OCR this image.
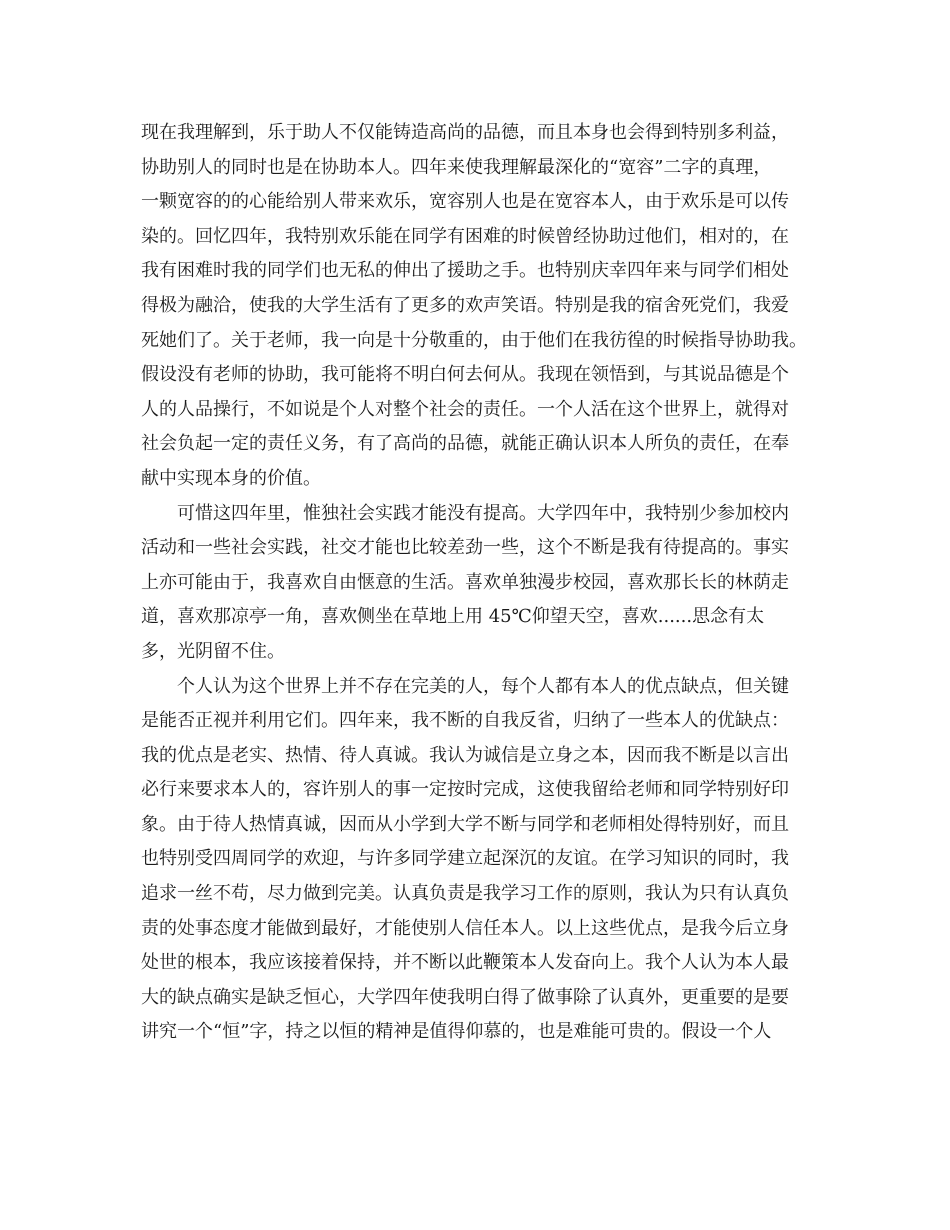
现在我理解到，乐于助人不仅能铸造高尚的品德，而且本身也会得到特别多利益，
协助别人的同时也是在协助本人。四年来使我理解最深化的“宽容”二字的真理，
一颗宽容的的心能给别人带来欢乐，宽容别人也是在宽容本人，由于欢乐是可以传
染的。回忆四年，我特别欢乐能在同学有困难的时候曾经协助过他们，相对的，在
我有困难时我的同学们也无私的伸出了援助之手。也特别庆幸四年来与同学们相处
得极为融洽，使我的大学生活有了更多的欢声笑语。特别是我的宿舍死党们，我爱
死她们了。关于老师，我一向是十分敬重的，由于他们在我彷徨的时候指导协助我。
假设没有老师的协助，我可能将不明白何去何从。我现在领悟到，与其说品德是个
人的人品操行，不如说是个人对整个社会的责任。一个人活在这个世界上，就得对
社会负起一定的责任义务，有了高尚的品德，就能正确认识本人所负的责任，在奉
献中实现本身的价值。
可惜这四年里，惟独社会实践才能没有提高。大学四年中，我特别少参加校内
活动和一些社会实践，社交才能也比较差劲一些，这个不断是我有待提高的。事实
上亦可能由于，我喜欢自由惬意的生活。喜欢单独漫步校园，喜欢那长长的林荫走
道，喜欢那凉亭一角，喜欢侧坐在草地上用 45℃仰望天空，喜欢......思念有太
多，光阴留不住。
个人认为这个世界上并不存在完美的人，每个人都有本人的优点缺点，但关键
是能否正视并利用它们。四年来，我不断的自我反省，归纳了一些本人的优缺点：
我的优点是老实、热情、待人真诚。我认为诚信是立身之本，因而我不断是以言出
必行来要求本人的，容许别人的事一定按时完成，这使我留给老师和同学特别好印
象。由于待人热情真诚，因而从小学到大学不断与同学和老师相处得特别好，而且
也特别受四周同学的欢迎，与许多同学建立起深沉的友谊。在学习知识的同时，我
追求一丝不苟，尽力做到完美。认真负责是我学习工作的原则，我认为只有认真负
责的处事态度才能做到最好，才能使别人信任本人。以上这些优点，是我今后立身
处世的根本，我应该接着保持，并不断以此鞭策本人发奋向上。我个人认为本人最
大的缺点确实是缺乏恒心，大学四年使我明白得了做事除了认真外，更重要的是要
讲究一个“恒”字，持之以恒的精神是值得仰慕的，也是难能可贵的。假设一个人
